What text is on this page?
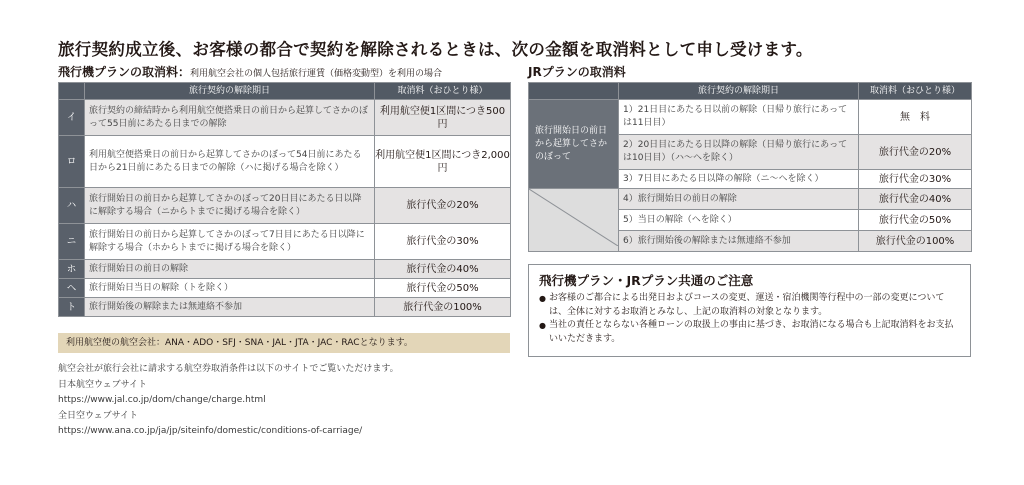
旅行契約成立後、お客様の都合で契約を解除されるときは、次の金額を取消料として申し受けます。
飛行機プランの取消料：利用航空会社の個人包括旅行運賃（価格変動型）を利用の場合
	旅行契約の解除期日	取消料（おひとり様）
イ	旅行契約の締結時から利用航空便搭乗日の前日から起算してさかのぼって55日前にあたる日までの解除	利用航空便1区間につき500円
ロ	利用航空便搭乗日の前日から起算してさかのぼって54日前にあたる日から21日前にあたる日までの解除（ハに掲げる場合を除く）	利用航空便1区間につき2,000円
ハ	旅行開始日の前日から起算してさかのぼって20日目にあたる日以降に解除する場合（ニからトまでに掲げる場合を除く）	旅行代金の20%
ニ	旅行開始日の前日から起算してさかのぼって7日目にあたる日以降に解除する場合（ホからトまでに掲げる場合を除く）	旅行代金の30%
ホ	旅行開始日の前日の解除	旅行代金の40%
ヘ	旅行開始日当日の解除（トを除く）	旅行代金の50%
ト	旅行開始後の解除または無連絡不参加	旅行代金の100%
利用航空便の航空会社：ANA・ADO・SFJ・SNA・JAL・JTA・JAC・RACとなります。
航空会社が旅行会社に請求する航空券取消条件は以下のサイトでご覧いただけます。
日本航空ウェブサイト
https://www.jal.co.jp/dom/change/charge.html
全日空ウェブサイト
https://www.ana.co.jp/ja/jp/siteinfo/domestic/conditions-of-carriage/
JRプランの取消料
	旅行契約の解除期日	取消料（おひとり様）
旅行開始日の前日から起算してさかのぼって	1）21日目にあたる日以前の解除（日帰り旅行にあっては11日目）	無　料
	2）20日目にあたる日以降の解除（日帰り旅行にあっては10日目）（ハ〜ヘを除く）	旅行代金の20%
	3）7日目にあたる日以降の解除（ニ〜ヘを除く）	旅行代金の30%
	4）旅行開始日の前日の解除	旅行代金の40%
	5）当日の解除（ヘを除く）	旅行代金の50%
	6）旅行開始後の解除または無連絡不参加	旅行代金の100%
飛行機プラン・JRプラン共通のご注意
● お客様のご都合による出発日およびコースの変更、運送・宿泊機関等行程中の一部の変更については、全体に対するお取消とみなし、上記の取消料の対象となります。
● 当社の責任とならない各種ローンの取扱上の事由に基づき、お取消になる場合も上記取消料をお支払いいただきます。
